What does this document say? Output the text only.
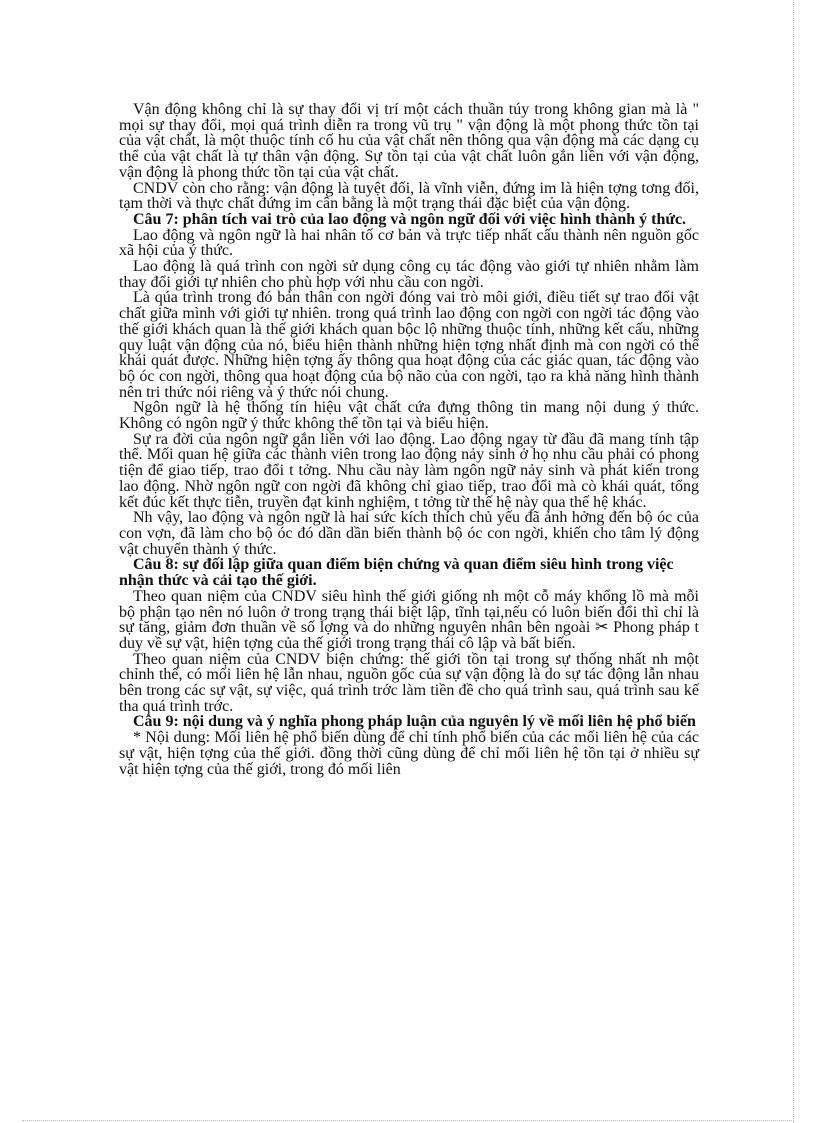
Vận động không chỉ là sự thay đổi vị trí một cách thuần túy trong không gian mà là " mọi sự thay đổi, mọi quá trình diễn ra trong vũ trụ " vận động là một phong thức tồn tại của vật chất, là một thuộc tính cố hu của vật chất nên thông qua vận động mà các dạng cụ thể của vật chất là tự thân vận động. Sự tồn tại của vật chất luôn gắn liền với vận động, vận động là phong thức tồn tại của vật chất.

CNDV còn cho rằng: vận động là tuyệt đối, là vĩnh viễn, đứng im là hiện tợng tơng đối, tạm thời và thực chất đứng im cân bằng là một trạng thái đặc biệt của vận động.

Câu 7: phân tích vai trò của lao động và ngôn ngữ đối với việc hình thành ý thức.

Lao động và ngôn ngữ là hai nhân tố cơ bản và trực tiếp nhất cấu thành nên nguồn gốc xã hội của ý thức.

Lao động là quá trình con ngời sử dụng công cụ tác động vào giới tự nhiên nhằm làm thay đổi giới tự nhiên cho phù hợp với nhu cầu con ngời.

Là qúa trình trong đó bản thân con ngời đóng vai trò môi giới, điều tiết sự trao đổi vật chất giữa mình với giới tự nhiên. trong quá trình lao động con ngời con ngời tác động vào thế giới khách quan là thế giới khách quan bộc lộ những thuộc tính, những kết cấu, những quy luật vận động của nó, biểu hiện thành những hiện tợng nhất định mà con ngời có thể khái quát được. Những hiện tợng ấy thông qua hoạt động của các giác quan, tác động vào bộ óc con ngời, thông qua hoạt động của bộ não của con ngời, tạo ra khả năng hình thành nên tri thức nói riêng và ý thức nói chung.

Ngôn ngữ là hệ thống tín hiệu vật chất cứa đựng thông tin mang nội dung ý thức. Không có ngôn ngữ ý thức không thể tồn tại và biểu hiện.

Sự ra đời của ngôn ngữ gắn liền với lao động. Lao động ngay từ đầu đã mang tính tập thể. Mối quan hệ giữa các thành viên trong lao động nảy sinh ở họ nhu cầu phải có phong tiện để giao tiếp, trao đổi t tởng. Nhu cầu này làm ngôn ngữ nảy sinh và phát kiến trong lao động. Nhờ ngôn ngữ con ngời đã không chỉ giao tiếp, trao đổi mà cò khái quát, tổng kết đúc kết thực tiễn, truyền đạt kinh nghiệm, t tởng từ thế hệ này qua thế hệ khác.

Nh vậy, lao động và ngôn ngữ là hai sức kích thích chủ yếu đã ảnh hởng đến bộ óc của con vợn, đã làm cho bộ óc đó dần dần biến thành bộ óc con ngời, khiến cho tâm lý động vật chuyển thành ý thức.

Câu 8: sự đối lập giữa quan điểm biện chứng và quan điểm siêu hình trong việc nhận thức và cải tạo thế giới.

Theo quan niệm của CNDV siêu hình thế giới giống nh một cỗ máy khổng lồ mà mỗi bộ phận tạo nên nó luôn ở trong trạng thái biệt lập, tĩnh tại,nếu có luôn biến đổi thì chỉ là sự tăng, giảm đơn thuần về số lợng và do những nguyên nhân bên ngoài ✂ Phong pháp t duy về sự vật, hiện tợng của thế giới trong trạng thái cô lập và bất biến.

Theo quan niệm của CNDV biện chứng: thế giới tồn tại trong sự thống nhất nh một chỉnh thể, có mối liên hệ lẫn nhau, nguồn gốc của sự vận động là do sự tác động lẫn nhau bên trong các sự vật, sự việc, quá trình trớc làm tiền đề cho quá trình sau, quá trình sau kế tha quá trình trớc.

Câu 9: nội dung và ý nghĩa phong pháp luận của nguyên lý về mối liên hệ phổ biến

* Nội dung: Mối liên hệ phổ biến dùng để chỉ tính phổ biến của các mối liên hệ của các sự vật, hiện tợng của thế giới. đồng thời cũng dùng để chỉ mối liên hệ tồn tại ở nhiều sự vật hiện tợng của thế giới, trong đó mối liên
